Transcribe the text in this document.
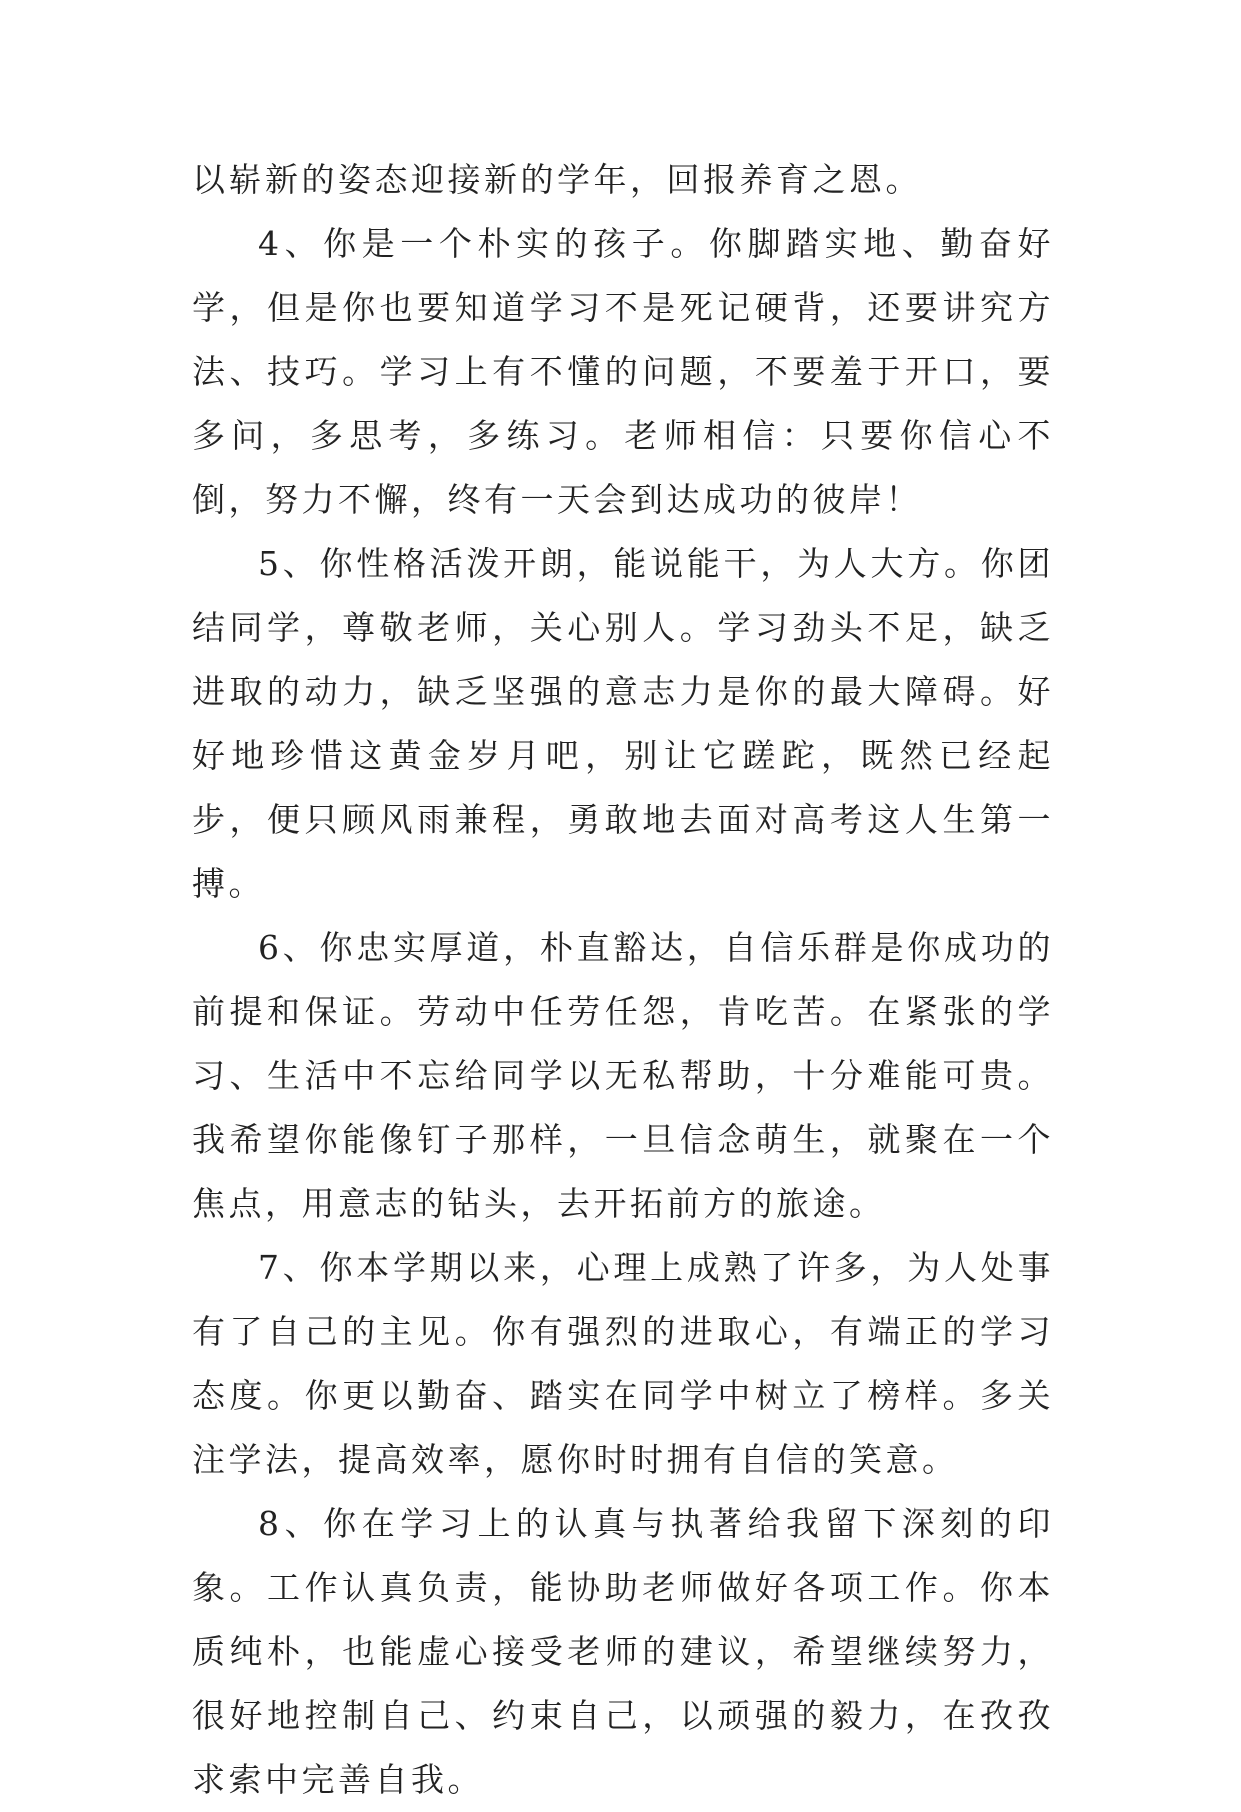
以崭新的姿态迎接新的学年，回报养育之恩。

4、你是一个朴实的孩子。你脚踏实地、勤奋好学，但是你也要知道学习不是死记硬背，还要讲究方法、技巧。学习上有不懂的问题，不要羞于开口，要多问，多思考，多练习。老师相信：只要你信心不倒，努力不懈，终有一天会到达成功的彼岸！

5、你性格活泼开朗，能说能干，为人大方。你团结同学，尊敬老师，关心别人。学习劲头不足，缺乏进取的动力，缺乏坚强的意志力是你的最大障碍。好好地珍惜这黄金岁月吧，别让它蹉跎，既然已经起步，便只顾风雨兼程，勇敢地去面对高考这人生第一搏。

6、你忠实厚道，朴直豁达，自信乐群是你成功的前提和保证。劳动中任劳任怨，肯吃苦。在紧张的学习、生活中不忘给同学以无私帮助，十分难能可贵。我希望你能像钉子那样，一旦信念萌生，就聚在一个焦点，用意志的钻头，去开拓前方的旅途。

7、你本学期以来，心理上成熟了许多，为人处事有了自己的主见。你有强烈的进取心，有端正的学习态度。你更以勤奋、踏实在同学中树立了榜样。多关注学法，提高效率，愿你时时拥有自信的笑意。

8、你在学习上的认真与执著给我留下深刻的印象。工作认真负责，能协助老师做好各项工作。你本质纯朴，也能虚心接受老师的建议，希望继续努力，很好地控制自己、约束自己，以顽强的毅力，在孜孜求索中完善自我。
